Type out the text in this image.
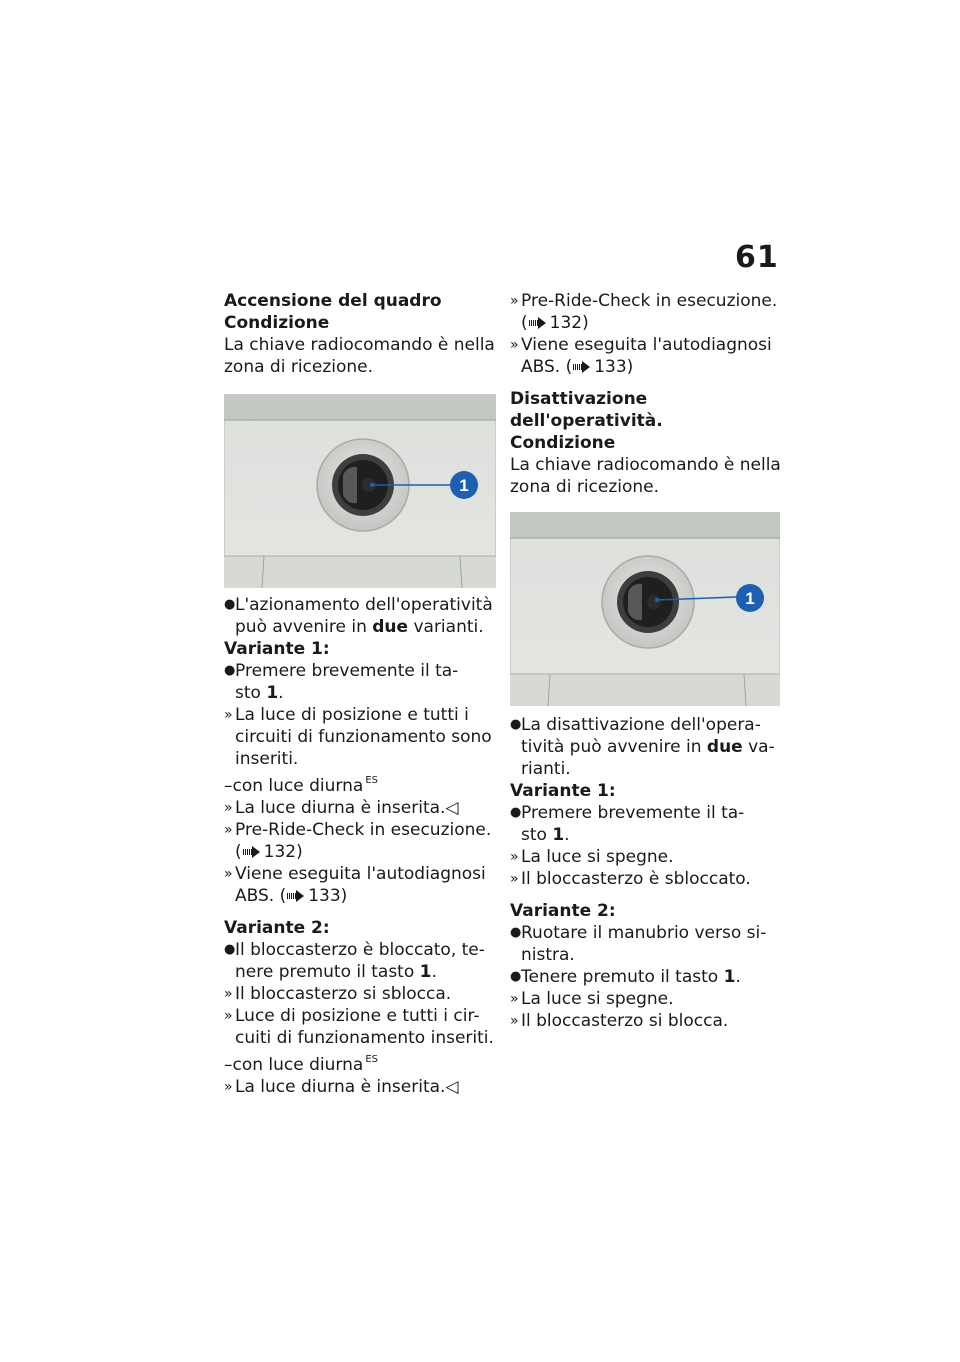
61

Accensione del quadro

Condizione

La chiave radiocomando è nella zona di ricezione.

1
● L'azionamento dell'operatività
può avvenire in due varianti.

Variante 1:

● Premere brevemente il ta-
sto 1.
» La luce di posizione e tutti i
circuiti di funzionamento sono
inseriti.
–con luce diurna $^{ES}$
» La luce diurna è inserita.◁
» Pre-Ride-Check in esecuzione.
( 132)
» Viene eseguita l'autodiagnosi
ABS. ( 133)

Variante 2:

● Il bloccasterzo è bloccato, te-
nere premuto il tasto 1.
» Il bloccasterzo si sblocca.
» Luce di posizione e tutti i cir-
cuiti di funzionamento inseriti.
–con luce diurna $^{ES}$
» La luce diurna è inserita.◁
» Pre-Ride-Check in esecuzione.
( 132)
» Viene eseguita l'autodiagnosi
ABS. ( 133)

Disattivazione dell'operatività.

Condizione

La chiave radiocomando è nella zona di ricezione.

1
● La disattivazione dell'opera-
tività può avvenire in due va-
rianti.

Variante 1:

● Premere brevemente il ta-
sto 1.
» La luce si spegne.
» Il bloccasterzo è sbloccato.

Variante 2:

● Ruotare il manubrio verso si-
nistra.
● Tenere premuto il tasto 1.
» La luce si spegne.
» Il bloccasterzo si blocca.
